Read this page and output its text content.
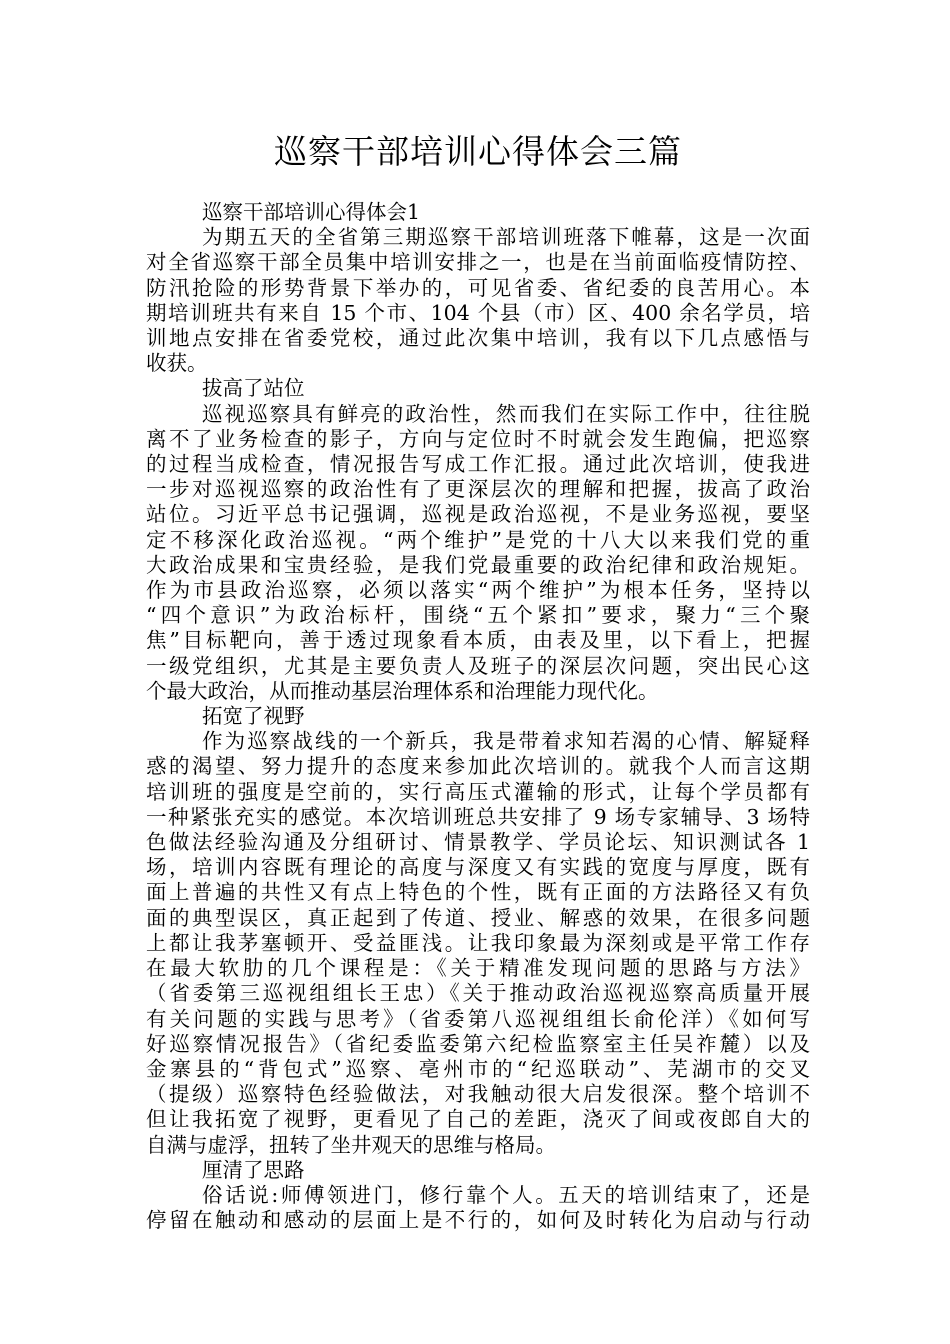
巡察干部培训心得体会三篇

巡察干部培训心得体会1

为期五天的全省第三期巡察干部培训班落下帷幕，这是一次面

对全省巡察干部全员集中培训安排之一，也是在当前面临疫情防控、

防汛抢险的形势背景下举办的，可见省委、省纪委的良苦用心。本

期培训班共有来自 15 个市、104 个县（市）区、400 余名学员，培

训地点安排在省委党校，通过此次集中培训，我有以下几点感悟与

收获。

拔高了站位

巡视巡察具有鲜亮的政治性，然而我们在实际工作中，往往脱

离不了业务检查的影子，方向与定位时不时就会发生跑偏，把巡察

的过程当成检查，情况报告写成工作汇报。通过此次培训，使我进

一步对巡视巡察的政治性有了更深层次的理解和把握，拔高了政治

站位。习近平总书记强调，巡视是政治巡视，不是业务巡视，要坚

定不移深化政治巡视。“两个维护”是党的十八大以来我们党的重

大政治成果和宝贵经验，是我们党最重要的政治纪律和政治规矩。

作为市县政治巡察，必须以落实“两个维护”为根本任务，坚持以

“四个意识”为政治标杆，围绕“五个紧扣”要求，聚力“三个聚

焦”目标靶向，善于透过现象看本质，由表及里，以下看上，把握

一级党组织，尤其是主要负责人及班子的深层次问题，突出民心这

个最大政治，从而推动基层治理体系和治理能力现代化。

拓宽了视野

作为巡察战线的一个新兵，我是带着求知若渴的心情、解疑释

惑的渴望、努力提升的态度来参加此次培训的。就我个人而言这期

培训班的强度是空前的，实行高压式灌输的形式，让每个学员都有

一种紧张充实的感觉。本次培训班总共安排了 9 场专家辅导、3 场特

色做法经验沟通及分组研讨、情景教学、学员论坛、知识测试各 1

场，培训内容既有理论的高度与深度又有实践的宽度与厚度，既有

面上普遍的共性又有点上特色的个性，既有正面的方法路径又有负

面的典型误区，真正起到了传道、授业、解惑的效果，在很多问题

上都让我茅塞顿开、受益匪浅。让我印象最为深刻或是平常工作存

在最大软肋的几个课程是：《关于精准发现问题的思路与方法》

（省委第三巡视组组长王忠）《关于推动政治巡视巡察高质量开展

有关问题的实践与思考》（省委第八巡视组组长俞伦洋）《如何写

好巡察情况报告》（省纪委监委第六纪检监察室主任吴祚麓）以及

金寨县的“背包式”巡察、亳州市的“纪巡联动”、芜湖市的交叉

（提级）巡察特色经验做法，对我触动很大启发很深。整个培训不

但让我拓宽了视野，更看见了自己的差距，浇灭了间或夜郎自大的

自满与虚浮，扭转了坐井观天的思维与格局。

厘清了思路

俗话说:师傅领进门，修行靠个人。五天的培训结束了，还是

停留在触动和感动的层面上是不行的，如何及时转化为启动与行动
